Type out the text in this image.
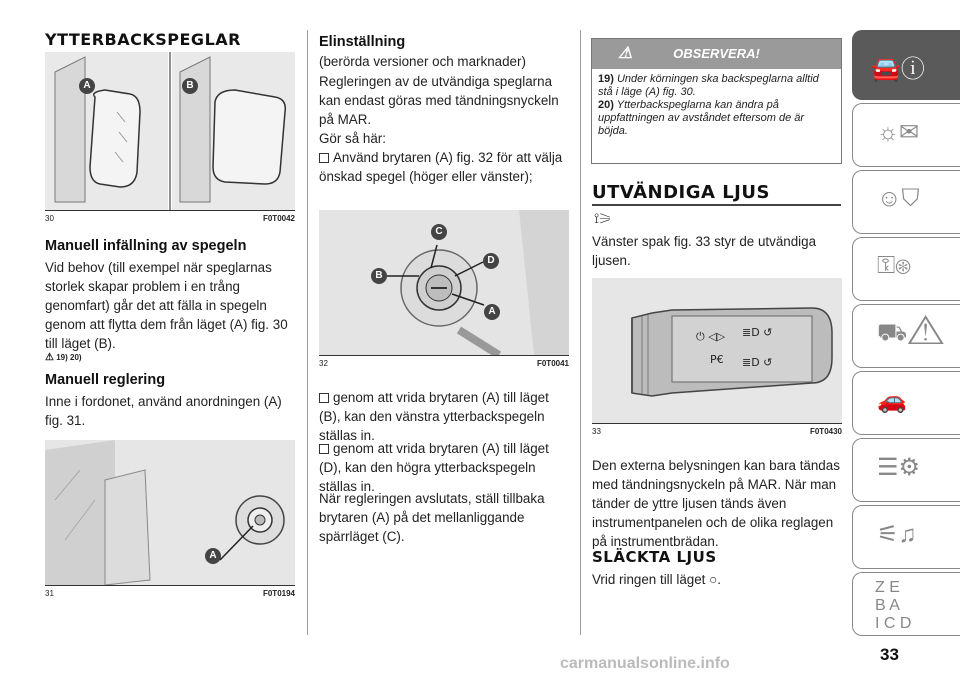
YTTERBACKSPEGLAR
A	B
30	F0T0042
Manuell infällning av spegeln

Vid behov (till exempel när speglarnas storlek skapar problem i en trång genomfart) går det att fälla in spegeln genom att flytta dem från läget (A) fig. 30 till läget (B).

⚠ 19) 20)
Manuell reglering

Inne i fordonet, använd anordningen (A) fig. 31.

A
31	F0T0194
Elinställning

(berörda versioner och marknader)

Regleringen av de utvändiga speglarna kan endast göras med tändningsnyckeln på MAR.

Gör så här:

Använd brytaren (A) fig. 32 för att välja önskad spegel (höger eller vänster);

B
C
D
A
32	F0T0041

genom att vrida brytaren (A) till läget (B), kan den vänstra ytterbackspegeln ställas in.

genom att vrida brytaren (A) till läget (D), kan den högra ytterbackspegeln ställas in.

När regleringen avslutats, ställ tillbaka brytaren (A) på det mellanliggande spärrläget (C).

⚠	OBSERVERA!
19) Under körningen ska backspeglarna alltid stå i läge (A) fig. 30.
20) Ytterbackspeglarna kan ändra på uppfattningen av avståndet eftersom de är böjda.
UTVÄNDIGA LJUS
⟟⚞

Vänster spak fig. 33 styr de utvändiga ljusen.

⏻ ◁▷ ≣D ↺
P€ ≣D ↺
33	F0T0430

Den externa belysningen kan bara tändas med tändningsnyckeln på MAR. När man tänder de yttre ljusen tänds även instrumentpanelen och de olika reglagen på instrumentbrädan.

SLÄCKTA LJUS

Vrid ringen till läget ○.

🚘ⓘ
☼✉
☺⛉
⚿⊛
⛟⚠
🚗
☰⚙
⚟♫
Z E
B A
I C D
33
carmanualsonline.info
